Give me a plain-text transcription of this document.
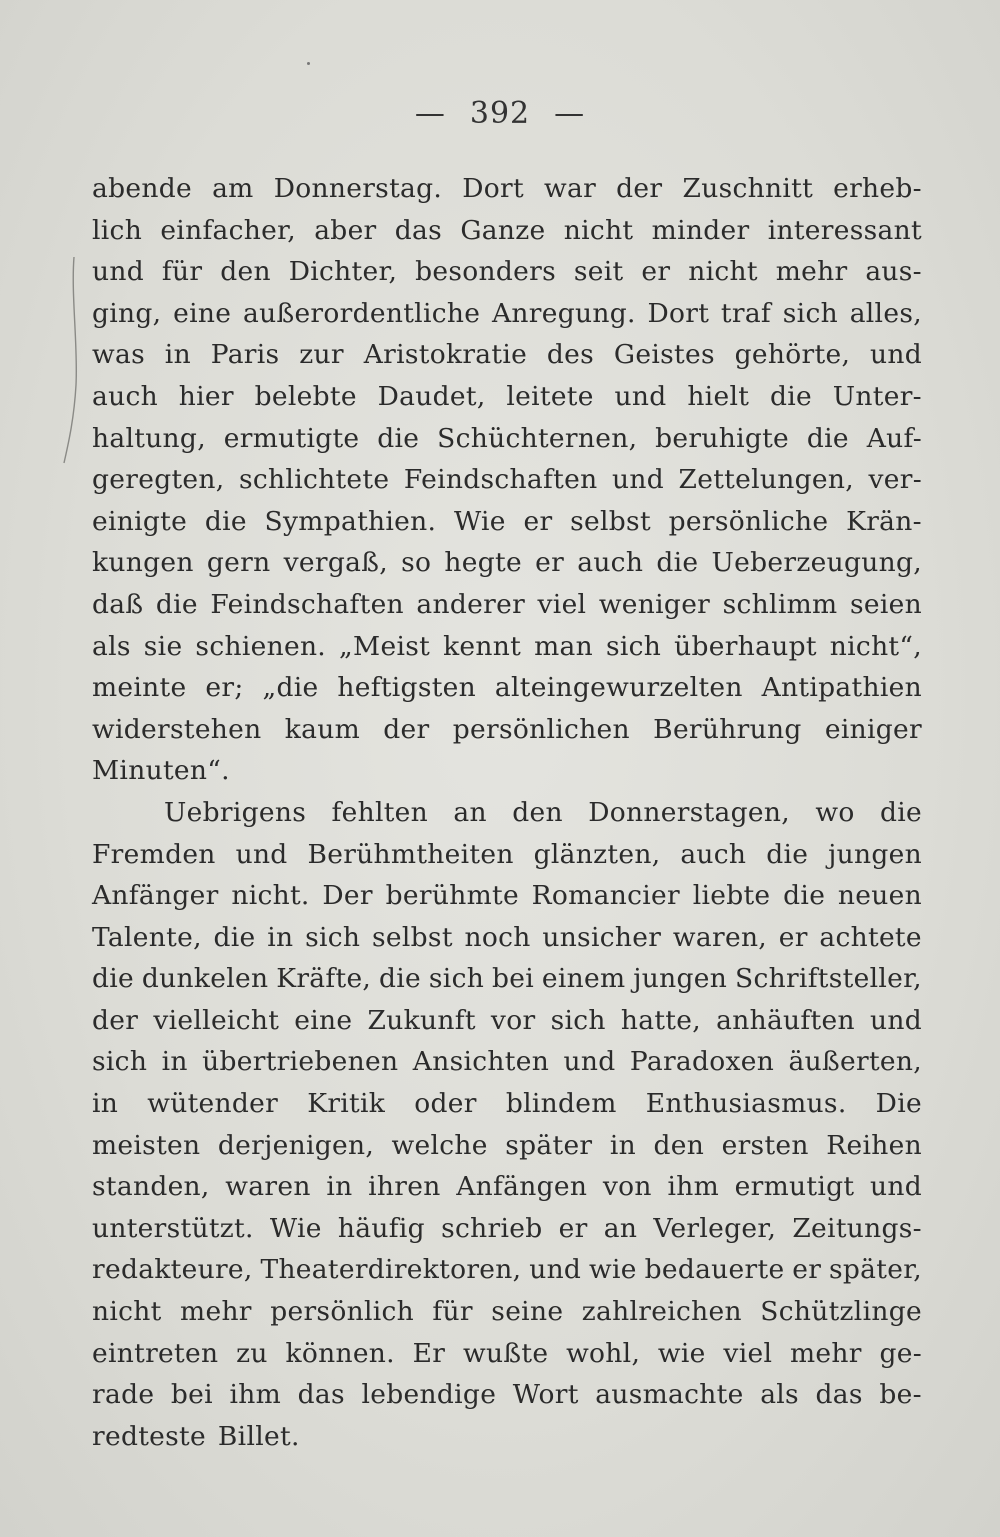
— 392 —
abende am Donnerstag. Dort war der Zuschnitt erheb-
lich einfacher, aber das Ganze nicht minder interessant
und für den Dichter, besonders seit er nicht mehr aus-
ging, eine außerordentliche Anregung. Dort traf sich alles,
was in Paris zur Aristokratie des Geistes gehörte, und
auch hier belebte Daudet, leitete und hielt die Unter-
haltung, ermutigte die Schüchternen, beruhigte die Auf-
geregten, schlichtete Feindschaften und Zettelungen, ver-
einigte die Sympathien. Wie er selbst persönliche Krän-
kungen gern vergaß, so hegte er auch die Ueberzeugung,
daß die Feindschaften anderer viel weniger schlimm seien
als sie schienen. „Meist kennt man sich überhaupt nicht“,
meinte er; „die heftigsten alteingewurzelten Antipathien
widerstehen kaum der persönlichen Berührung einiger
Minuten“.
Uebrigens fehlten an den Donnerstagen, wo die
Fremden und Berühmtheiten glänzten, auch die jungen
Anfänger nicht. Der berühmte Romancier liebte die neuen
Talente, die in sich selbst noch unsicher waren, er achtete
die dunkelen Kräfte, die sich bei einem jungen Schriftsteller,
der vielleicht eine Zukunft vor sich hatte, anhäuften und
sich in übertriebenen Ansichten und Paradoxen äußerten,
in wütender Kritik oder blindem Enthusiasmus. Die
meisten derjenigen, welche später in den ersten Reihen
standen, waren in ihren Anfängen von ihm ermutigt und
unterstützt. Wie häufig schrieb er an Verleger, Zeitungs-
redakteure, Theaterdirektoren, und wie bedauerte er später,
nicht mehr persönlich für seine zahlreichen Schützlinge
eintreten zu können. Er wußte wohl, wie viel mehr ge-
rade bei ihm das lebendige Wort ausmachte als das be-
redteste Billet.
